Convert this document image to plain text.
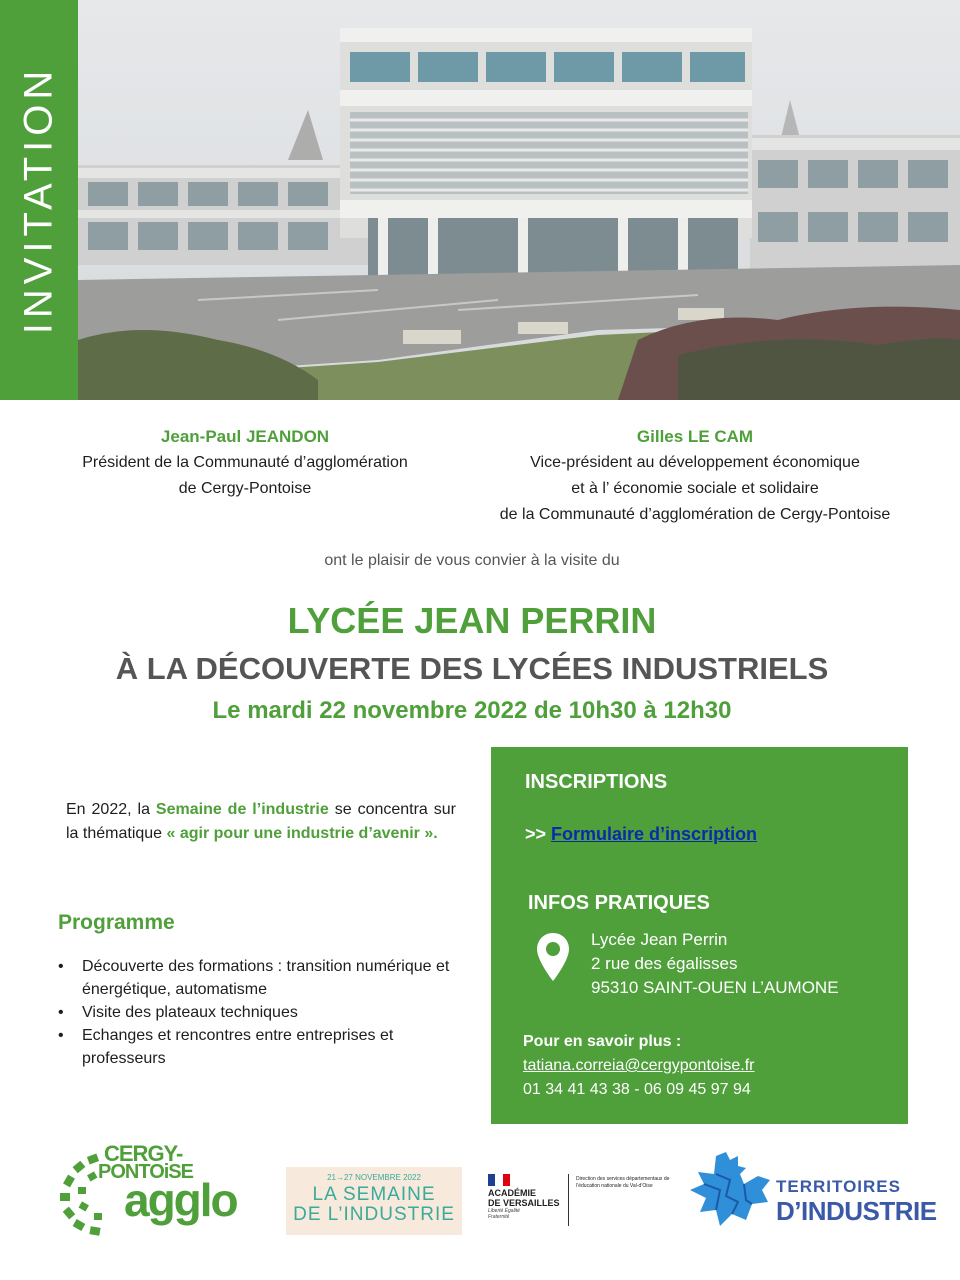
INVITATION
Jean-Paul JEANDON
Président de la Communauté d’agglomération
de Cergy-Pontoise
Gilles LE CAM
Vice-président au développement économique
et à l’ économie sociale et solidaire
de la Communauté d’agglomération de Cergy-Pontoise
ont le plaisir de vous convier à la visite du
LYCÉE JEAN PERRIN
À LA DÉCOUVERTE DES LYCÉES INDUSTRIELS
Le mardi 22 novembre 2022 de 10h30 à 12h30

En 2022, la Semaine de l’industrie se concentra sur la thématique « agir pour une industrie d’avenir ».

Programme
• Découverte des formations : transition numérique et énergétique, automatisme
• Visite des plateaux techniques
• Echanges et rencontres entre entreprises et professeurs
INSCRIPTIONS
>> Formulaire d’inscription
INFOS PRATIQUES
Lycée Jean Perrin
2 rue des égalisses
95310 SAINT-OUEN L’AUMONE
Pour en savoir plus :
tatiana.correia@cergypontoise.fr
01 34 41 43 38 - 06 09 45 97 94
CERGY-
PONTOiSE
agglo	21→27 NOVEMBRE 2022
LA SEMAINE
DE L’INDUSTRIE
ACADÉMIE
DE VERSAILLES
Liberté Égalité Fraternité
Direction des services départementaux de l’éducation nationale du Val-d’Oise	TERRITOIRES
D’INDUSTRIE
